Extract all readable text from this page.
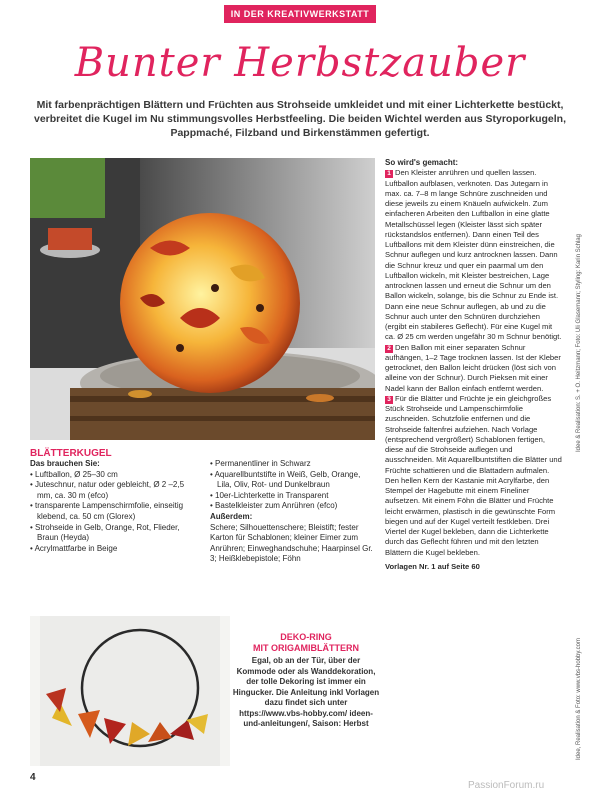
IN DER KREATIVWERKSTATT
Bunter Herbstzauber
Mit farbenprächtigen Blättern und Früchten aus Strohseide umkleidet und mit einer Lichterkette bestückt, verbreitet die Kugel im Nu stimmungsvolles Herbstfeeling. Die beiden Wichtel werden aus Styroporkugeln, Pappmaché, Filzband und Birkenstämmen gefertigt.
BLÄTTERKUGEL
Das brauchen Sie:
• Luftballon, Ø 25–30 cm
• Juteschnur, natur oder gebleicht, Ø 2 –2,5 mm, ca. 30 m (efco)
• transparente Lampenschirmfolie, einseitig klebend, ca. 50 cm (Glorex)
• Strohseide in Gelb, Orange, Rot, Flieder, Braun (Heyda)
• Acrylmattfarbe in Beige
• Permanentliner in Schwarz
• Aquarellbuntstifte in Weiß, Gelb, Orange, Lila, Oliv, Rot- und Dunkelbraun
• 10er-Lichterkette in Transparent
• Bastelkleister zum Anrühren (efco)
Außerdem:
Schere; Silhouettenschere; Bleistift; fester Karton für Schablonen; kleiner Eimer zum Anrühren; Einweghandschuhe; Haarpinsel Gr. 3; Heißklebepistole; Föhn

So wird's gemacht:

1 Den Kleister anrühren und quellen lassen. Luftballon aufblasen, verknoten. Das Jutegarn in max. ca. 7–8 m lange Schnüre zuschneiden und diese jeweils zu einem Knäueln aufwickeln. Zum einfacheren Arbeiten den Luftballon in eine glatte Metallschüssel legen (Kleister lässt sich später rückstandslos entfernen). Dann einen Teil des Luftballons mit dem Kleister dünn einstreichen, die Schnur auflegen und kurz antrocknen lassen. Dann die Schnur kreuz und quer ein paarmal um den Luftballon wickeln, mit Kleister bestreichen, Lage antrocknen lassen und erneut die Schnur um den Ballon wickeln, solange, bis die Schnur zu Ende ist. Dann eine neue Schnur auflegen, ab und zu die Schnur auch unter den Schnüren durchziehen (ergibt ein stabileres Geflecht). Für eine Kugel mit ca. Ø 25 cm werden ungefähr 30 m Schnur benötigt.

2 Den Ballon mit einer separaten Schnur aufhängen, 1–2 Tage trocknen lassen. Ist der Kleber getrocknet, den Ballon leicht drücken (löst sich von alleine von der Schnur). Durch Pieksen mit einer Nadel kann der Ballon einfach entfernt werden.

3 Für die Blätter und Früchte je ein gleichgroßes Stück Strohseide und Lampenschirmfolie zuschneiden. Schutzfolie entfernen und die Strohseide faltenfrei aufziehen. Nach Vorlage (entsprechend vergrößert) Schablonen fertigen, diese auf die Strohseide auflegen und ausschneiden. Mit Aquarellbuntstiften die Blätter und Früchte schattieren und die Blattadern aufmalen. Den hellen Kern der Kastanie mit Acrylfarbe, den Stempel der Hagebutte mit einem Fineliner aufsetzen. Mit einem Föhn die Blätter und Früchte leicht erwärmen, plastisch in die gewünschte Form biegen und auf der Kugel verteilt festkleben. Drei Viertel der Kugel bekleben, dann die Lichterkette durch das Geflecht führen und mit den letzten Blättern die Kugel bekleben.

Vorlagen Nr. 1 auf Seite 60

DEKO-RING
MIT ORIGAMIBLÄTTERN
Egal, ob an der Tür, über der Kommode oder als Wanddekoration, der tolle Dekoring ist immer ein Hingucker. Die Anleitung inkl Vorlagen dazu findet sich unter https://www.vbs-hobby.com/ ideen-und-anleitungen/, Saison: Herbst
Idee & Realisation: S. + O. Heitzmann; Foto: Uli Glasemann; Styling: Karin Schlag
Idee, Realisation & Foto: www.vbs-hobby.com
4
PassionForum.ru
